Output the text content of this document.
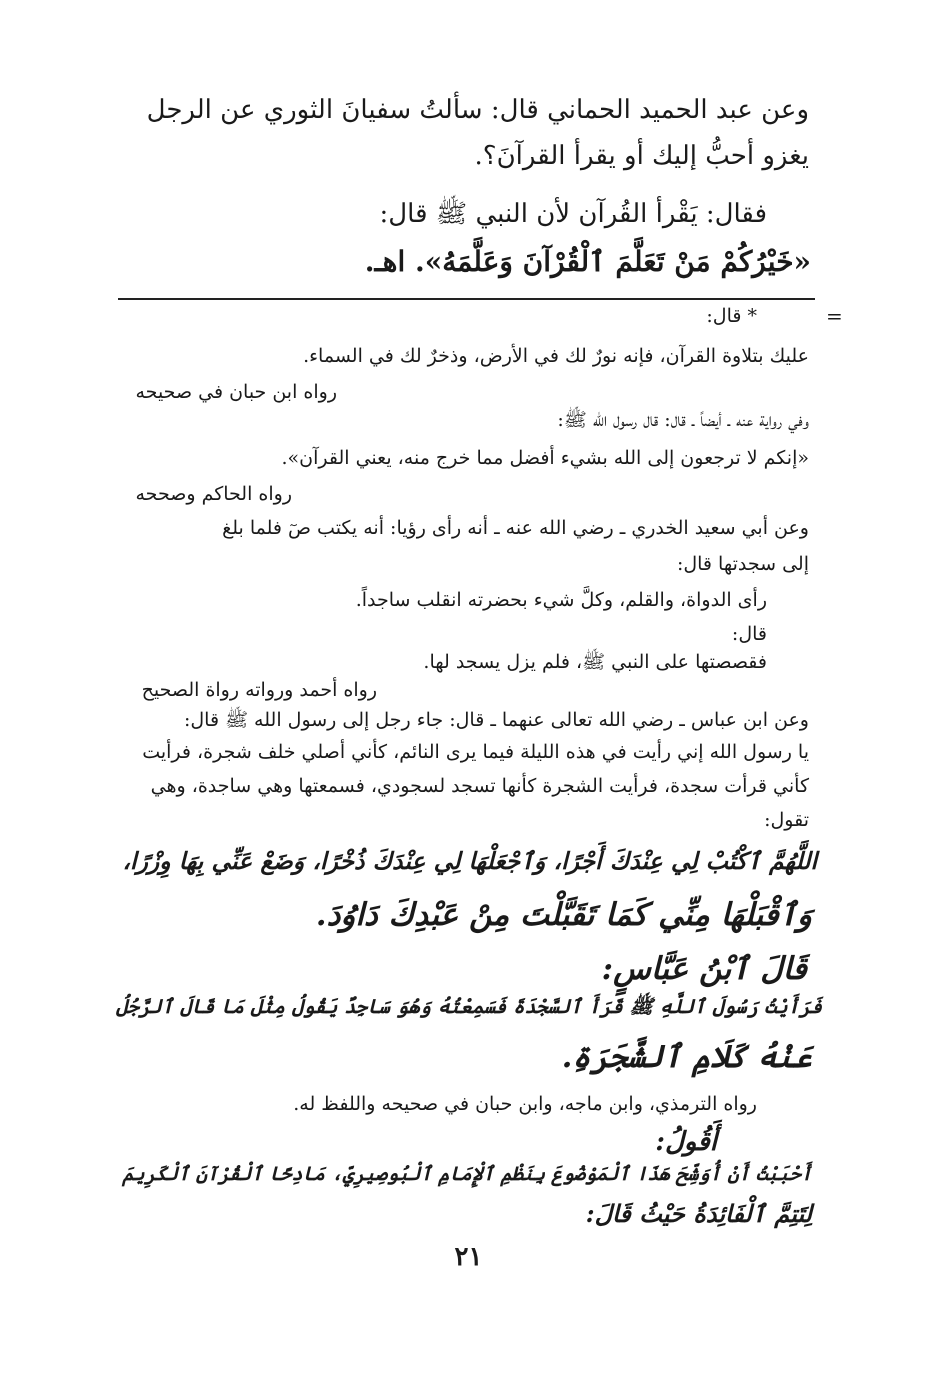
وعن عبد الحميد الحماني قال: سألتُ سفيانَ الثوري عن الرجل
يغزو أحبُّ إليك أو يقرأ القرآنَ؟.
فقال: يَقْرأ القُرآن لأن النبي ﷺ قال:
«خَيْرُكُمْ مَنْ تَعَلَّمَ ٱلْقُرْآنَ وَعَلَّمَهُ». اهـ.
=
* قال:
عليك بتلاوة القرآن، فإنه نورٌ لك في الأرض، وذخرٌ لك في السماء.
رواه ابن حبان في صحيحه
وفي رواية عنه ـ أيضاً ـ قال: قال رسول الله ﷺ:
«إنكم لا ترجعون إلى الله بشيء أفضل مما خرج منه، يعني القرآن».
رواه الحاكم وصححه
وعن أبي سعيد الخدري ـ رضي الله عنه ـ أنه رأى رؤيا: أنه يكتب صٓ فلما بلغ
إلى سجدتها قال:
رأى الدواة، والقلم، وكلَّ شيء بحضرته انقلب ساجداً.
قال:
فقصصتها على النبي ﷺ، فلم يزل يسجد لها.
رواه أحمد ورواته رواة الصحيح
وعن ابن عباس ـ رضي الله تعالى عنهما ـ قال: جاء رجل إلى رسول الله ﷺ قال:
يا رسول الله إني رأيت في هذه الليلة فيما يرى النائم، كأني أصلي خلف شجرة، فرأيت
كأني قرأت سجدة، فرأيت الشجرة كأنها تسجد لسجودي، فسمعتها وهي ساجدة، وهي
تقول:
اللَّهُمَّ ٱكْتُبْ لِي عِنْدَكَ أَجْرًا، وَٱجْعَلْهَا لِي عِنْدَكَ ذُخْرًا، وَضَعْ عَنِّي بِهَا وِزْرًا،
وَٱقْبَلْهَا مِنِّي كَمَا تَقَبَّلْتَ مِنْ عَبْدِكَ دَاوُدَ.
قَالَ ٱبْنُ عَبَّاسٍ:
فَرَأَيْتُ رَسُولَ ٱللَّهِ ﷺ قَرَأَ ٱلسَّجْدَةَ فَسَمِعْتُهُ وَهُوَ سَاجِدٌ يَقُولُ مِثْلَ مَا قَالَ ٱلرَّجُلُ
عَنْهُ كَلَامِ ٱلشَّجَرَةِ.
رواه الترمذي، وابن ماجه، وابن حبان في صحيحه واللفظ له.
أَقُولُ:
أَحْبَبْتُ أَنْ أُوَشِّحَ هَذَا ٱلْمَوْضُوعَ بِنَظْمِ ٱلْإِمَامِ ٱلْبُوصِيرِيِّ، مَادِحًا ٱلْقُرْآنَ ٱلْكَرِيمَ
لِتَتِمَّ ٱلْفَائِدَةُ حَيْثُ قَالَ:
٢١
